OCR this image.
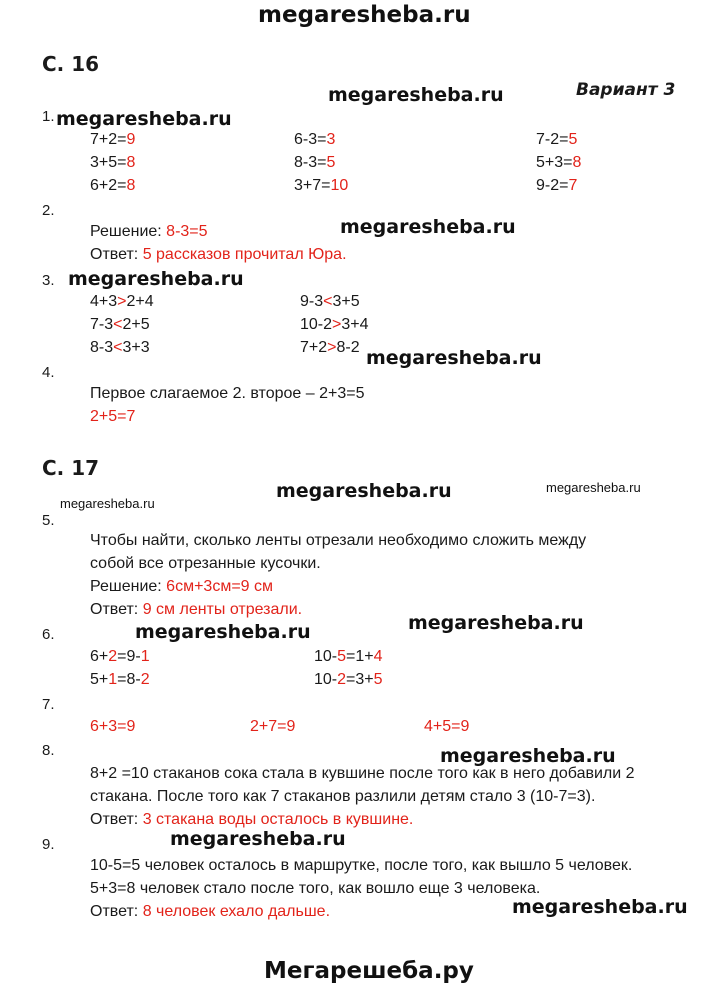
megaresheba.ru
megaresheba.ru
megaresheba.ru
megaresheba.ru
megaresheba.ru
megaresheba.ru
megaresheba.ru
megaresheba.ru
megaresheba.ru
megaresheba.ru
megaresheba.ru
megaresheba.ru
megaresheba.ru
megaresheba.ru
Мегарешеба.ру
С. 16
Вариант 3
1.
7+2=9	6-3=3	7-2=5
3+5=8	8-3=5	5+3=8
6+2=8	3+7=10	9-2=7
2.
Решение: 8-3=5
Ответ: 5 рассказов прочитал Юра.
3.
4+3>2+4	9-3<3+5
7-3<2+5	10-2>3+4
8-3<3+3	7+2>8-2
4.
Первое слагаемое 2. второе – 2+3=5
2+5=7
С. 17
5.
Чтобы найти, сколько ленты отрезали необходимо сложить между
собой все отрезанные кусочки.
Решение: 6см+3см=9 см
Ответ: 9 см ленты отрезали.
6.
6+2=9-1	10-5=1+4
5+1=8-2	10-2=3+5
7.
6+3=9	2+7=9	4+5=9
8.
8+2 =10 стаканов сока стала в кувшине после того как в него добавили 2
стакана. После того как 7 стаканов разлили детям стало 3 (10-7=3).
Ответ: 3 стакана воды осталось в кувшине.
9.
10-5=5 человек осталось в маршрутке, после того, как вышло 5 человек.
5+3=8 человек стало после того, как вошло еще 3 человека.
Ответ: 8 человек ехало дальше.
